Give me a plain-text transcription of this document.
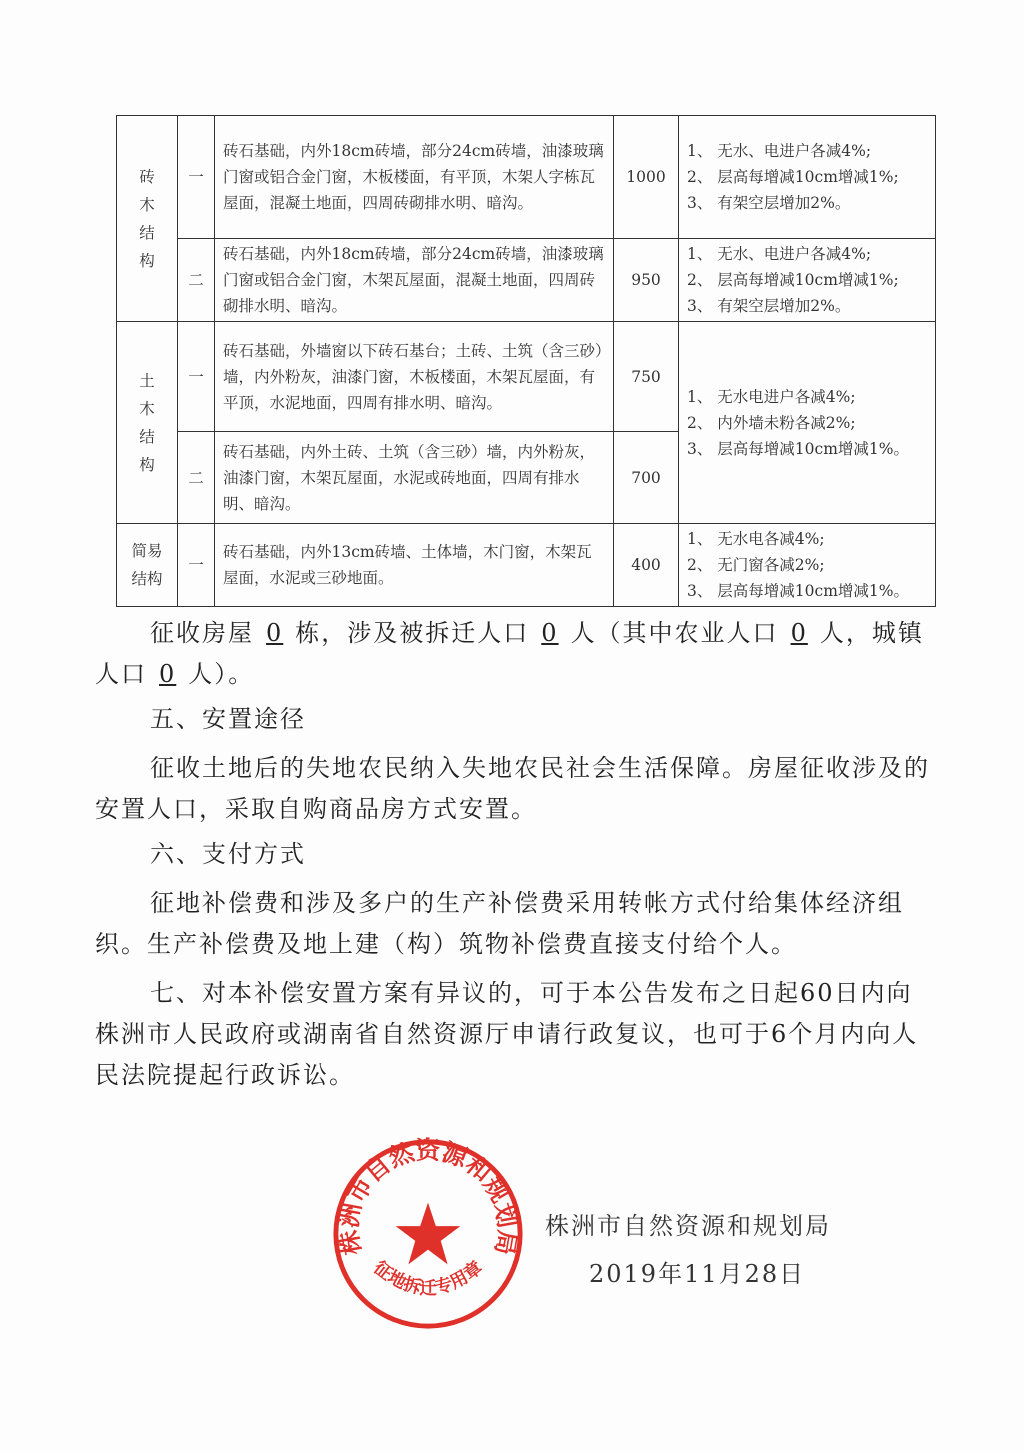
砖木结构	一	砖石基础，内外18cm砖墙，部分24cm砖墙，油漆玻璃门窗或铝合金门窗，木板楼面，有平顶，木架人字栋瓦屋面，混凝土地面，四周砖砌排水明、暗沟。	1000	1、 无水、电进户各减4%;
2、 层高每增减10cm增减1%;
3、 有架空层增加2%。

	二	砖石基础，内外18cm砖墙，部分24cm砖墙，油漆玻璃门窗或铝合金门窗，木架瓦屋面，混凝土地面，四周砖砌排水明、暗沟。	950	1、 无水、电进户各减4%;
2、 层高每增减10cm增减1%;
3、 有架空层增加2%。

土木结构	一	砖石基础，外墙窗以下砖石基台；土砖、土筑（含三砂）墙，内外粉灰，油漆门窗，木板楼面，木架瓦屋面，有平顶，水泥地面，四周有排水明、暗沟。	750	1、 无水电进户各减4%;
2、 内外墙未粉各减2%;
3、 层高每增减10cm增减1%。

	二	砖石基础，内外土砖、土筑（含三砂）墙，内外粉灰，油漆门窗，木架瓦屋面，水泥或砖地面，四周有排水明、暗沟。	700	

简易结构	一	砖石基础，内外13cm砖墙、土体墙，木门窗，木架瓦屋面，水泥或三砂地面。	400	1、 无水电各减4%;
2、 无门窗各减2%;
3、 层高每增减10cm增减1%。

征收房屋 0 栋，涉及被拆迁人口 0 人（其中农业人口 0 人，城镇人口 0 人）。

五、安置途径

征收土地后的失地农民纳入失地农民社会生活保障。房屋征收涉及的安置人口，采取自购商品房方式安置。

六、支付方式

征地补偿费和涉及多户的生产补偿费采用转帐方式付给集体经济组织。生产补偿费及地上建（构）筑物补偿费直接支付给个人。

七、对本补偿安置方案有异议的，可于本公告发布之日起60日内向株洲市人民政府或湖南省自然资源厅申请行政复议，也可于6个月内向人民法院提起行政诉讼。

株洲市自然资源和规划局
征地拆迁专用章
株洲市自然资源和规划局
2019年11月28日
